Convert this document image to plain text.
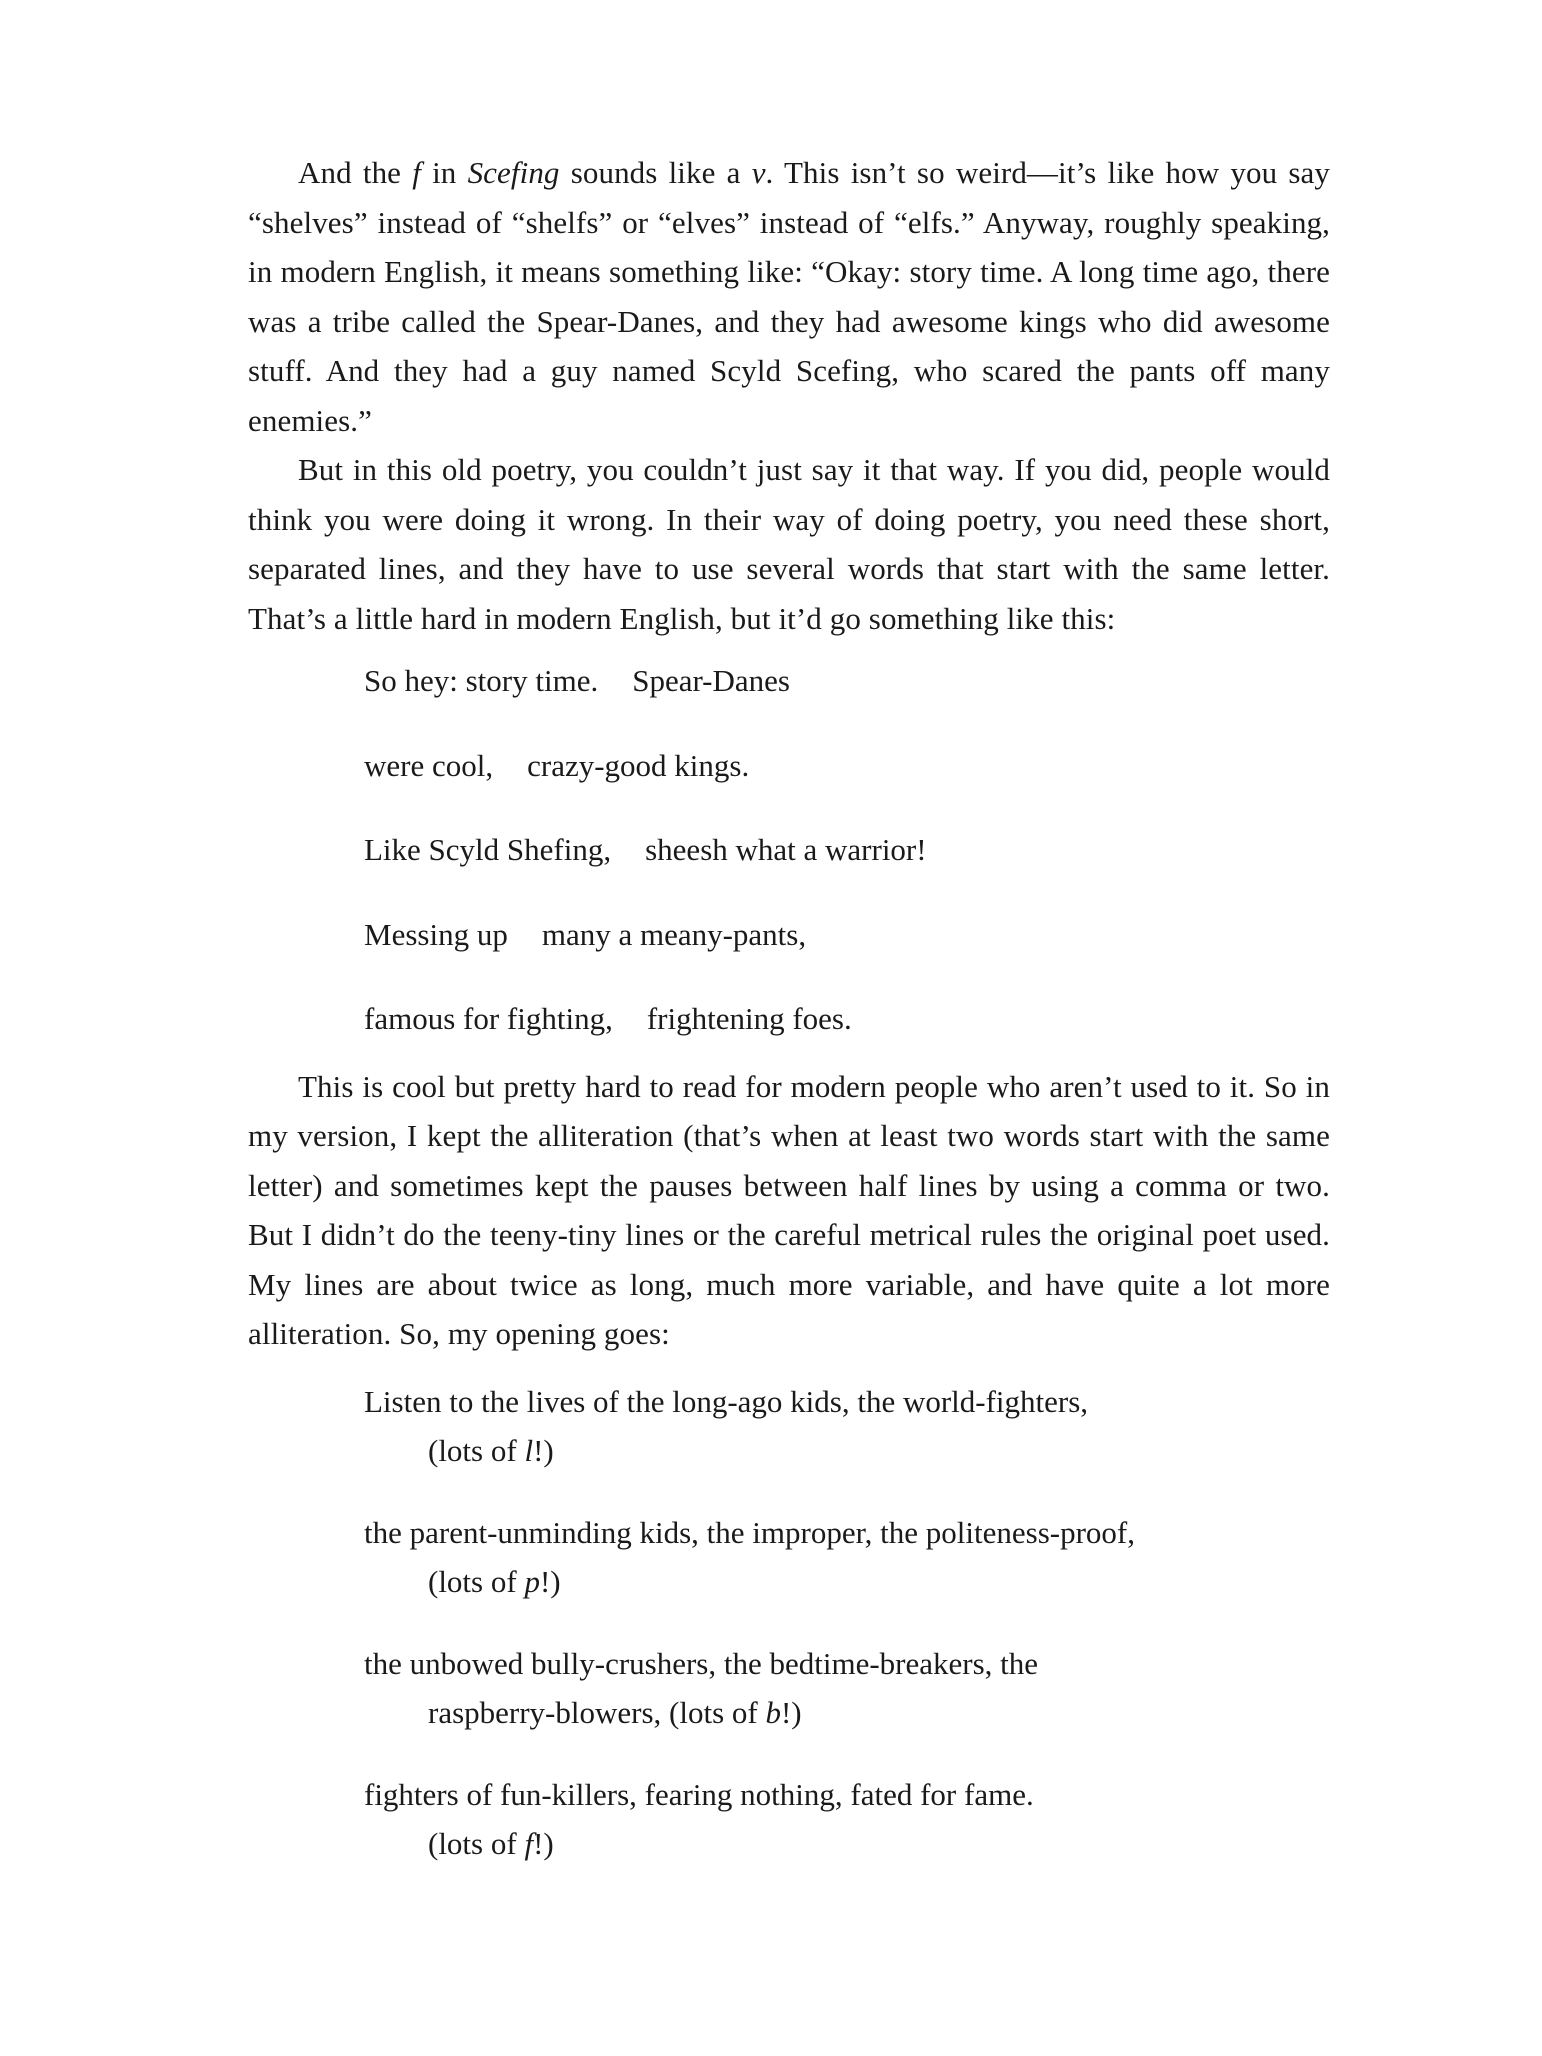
And the f in Scefing sounds like a v. This isn’t so weird—it’s like how you say “shelves” instead of “shelfs” or “elves” instead of “elfs.” Anyway, roughly speaking, in modern English, it means something like: “Okay: story time. A long time ago, there was a tribe called the Spear-Danes, and they had awesome kings who did awesome stuff. And they had a guy named Scyld Scefing, who scared the pants off many enemies.”

But in this old poetry, you couldn’t just say it that way. If you did, people would think you were doing it wrong. In their way of doing poetry, you need these short, separated lines, and they have to use several words that start with the same letter. That’s a little hard in modern English, but it’d go something like this:

So hey: story time. Spear-Danes
were cool, crazy-good kings.
Like Scyld Shefing, sheesh what a warrior!
Messing up many a meany-pants,
famous for fighting, frightening foes.

This is cool but pretty hard to read for modern people who aren’t used to it. So in my version, I kept the alliteration (that’s when at least two words start with the same letter) and sometimes kept the pauses between half lines by using a comma or two. But I didn’t do the teeny-tiny lines or the careful metrical rules the original poet used. My lines are about twice as long, much more variable, and have quite a lot more alliteration. So, my opening goes:

Listen to the lives of the long-ago kids, the world-fighters,
(lots of l!)
the parent-unminding kids, the improper, the politeness-proof,
(lots of p!)
the unbowed bully-crushers, the bedtime-breakers, the
raspberry-blowers, (lots of b!)
fighters of fun-killers, fearing nothing, fated for fame.
(lots of f!)
